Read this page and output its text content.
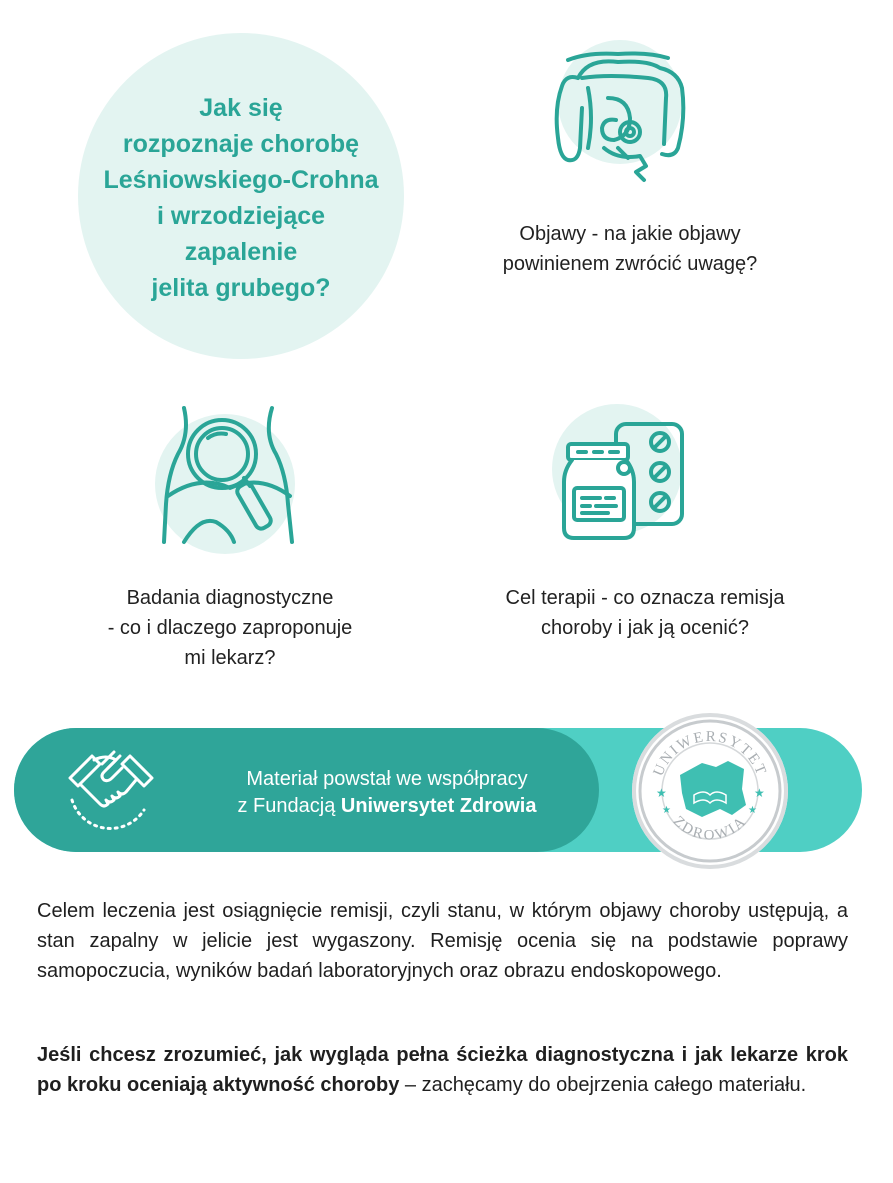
Jak się
rozpoznaje chorobę
Leśniowskiego-Crohna
i wrzodziejące
zapalenie
jelita grubego?
Objawy - na jakie objawy
powinienem zwrócić uwagę?
Badania diagnostyczne
- co i dlaczego zaproponuje
mi lekarz?
Cel terapii - co oznacza remisja
choroby i jak ją ocenić?
Materiał powstał we współpracy
z Fundacją Uniwersytet Zdrowia
UNIWERSYTET
ZDROWIA
★
★
★
★
Celem leczenia jest osiągnięcie remisji, czyli stanu, w którym objawy choroby ustępują, a stan zapalny w jelicie jest wygaszony. Remisję ocenia się na podstawie poprawy samopoczucia, wyników badań laboratoryjnych oraz obrazu endoskopowego.
Jeśli chcesz zrozumieć, jak wygląda pełna ścieżka diagnostyczna i jak lekarze krok po kroku oceniają aktywność choroby – zachęcamy do obejrzenia całego materiału.
